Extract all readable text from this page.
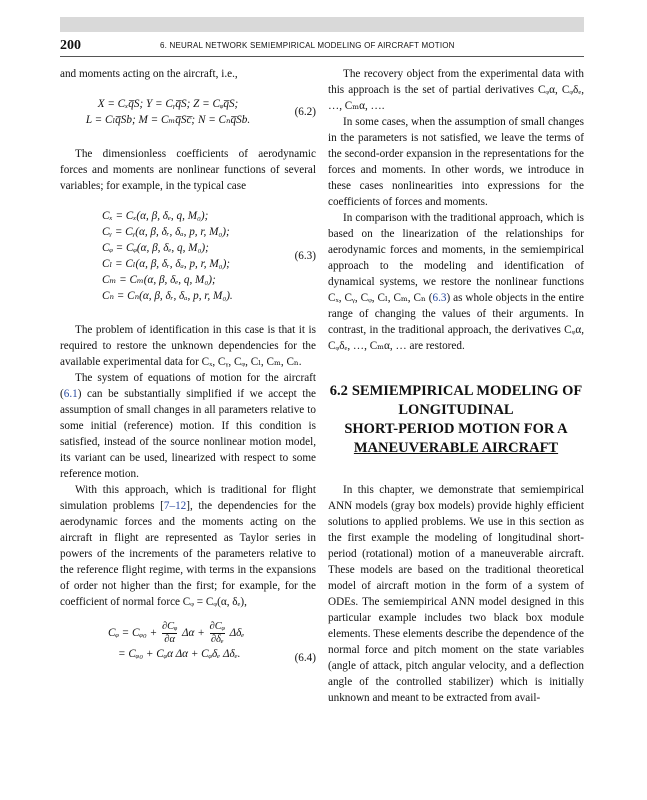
200	6. NEURAL NETWORK SEMIEMPIRICAL MODELING OF AIRCRAFT MOTION

and moments acting on the aircraft, i.e.,

X = Cₓq̅S; Y = Cᵧq̅S; Z = Cᵩq̅S;
L = Cₗq̅Sb; M = Cₘq̅Sc̅; N = Cₙq̅Sb.
(6.2)

The dimensionless coefficients of aerodynamic forces and moments are nonlinear functions of several variables; for example, in the typical case

Cₓ = Cₓ(α, β, δₑ, q, M₀);
Cᵧ = Cᵧ(α, β, δᵣ, δₐ, p, r, M₀);
Cᵩ = Cᵩ(α, β, δₑ, q, M₀);
Cₗ = Cₗ(α, β, δᵣ, δₐ, p, r, M₀);
Cₘ = Cₘ(α, β, δₑ, q, M₀);
Cₙ = Cₙ(α, β, δᵣ, δₐ, p, r, M₀).
(6.3)

The problem of identification in this case is that it is required to restore the unknown dependencies for the available experimental data for Cₓ, Cᵧ, Cᵩ, Cₗ, Cₘ, Cₙ.

The system of equations of motion for the aircraft (6.1) can be substantially simplified if we accept the assumption of small changes in all parameters relative to some initial (reference) motion. If this condition is satisfied, instead of the source nonlinear motion model, its variant can be used, linearized with respect to some reference motion.

With this approach, which is traditional for flight simulation problems [7–12], the dependencies for the aerodynamic forces and the moments acting on the aircraft in flight are represented as Taylor series in powers of the increments of the parameters relative to the reference flight regime, with terms in the expansions of order not higher than the first; for example, for the coefficient of normal force Cᵩ = Cᵩ(α, δₑ),

Cᵩ = Cᵩ₀ + $\frac{\text{∂Cᵩ}}{\partial\alpha}$ $\Delta\alpha + \frac{\text{∂Cᵩ}}{\text{∂δₑ}}$ Δδₑ
= Cᵩ₀ + Cᵩα Δα + Cᵩδₑ Δδₑ.	(6.4)

The recovery object from the experimental data with this approach is the set of partial derivatives Cᵩα, Cᵩδₑ, …, Cₘα, ….

In some cases, when the assumption of small changes in the parameters is not satisfied, we leave the terms of the second-order expansion in the representations for the forces and moments. In other words, we introduce in these cases nonlinearities into expressions for the coefficients of forces and moments.

In comparison with the traditional approach, which is based on the linearization of the relationships for aerodynamic forces and moments, in the semiempirical approach to the modeling and identification of dynamical systems, we restore the nonlinear functions Cₓ, Cᵧ, Cᵩ, Cₗ, Cₘ, Cₙ (6.3) as whole objects in the entire range of changing the values of their arguments. In contrast, in the traditional approach, the derivatives Cᵩα, Cᵩδₑ, …, Cₘα, … are restored.

6.2 SEMIEMPIRICAL MODELING OF

LONGITUDINAL

SHORT-PERIOD MOTION FOR A

MANEUVERABLE AIRCRAFT

In this chapter, we demonstrate that semiempirical ANN models (gray box models) provide highly efficient solutions to applied problems. We use in this section as the first example the modeling of longitudinal short-period (rotational) motion of a maneuverable aircraft. These models are based on the traditional theoretical model of aircraft motion in the form of a system of ODEs. The semiempirical ANN model designed in this particular example includes two black box module elements. These elements describe the dependence of the normal force and pitch moment on the state variables (angle of attack, pitch angular velocity, and a deflection angle of the controlled stabilizer) which is initially unknown and meant to be extracted from avail-
